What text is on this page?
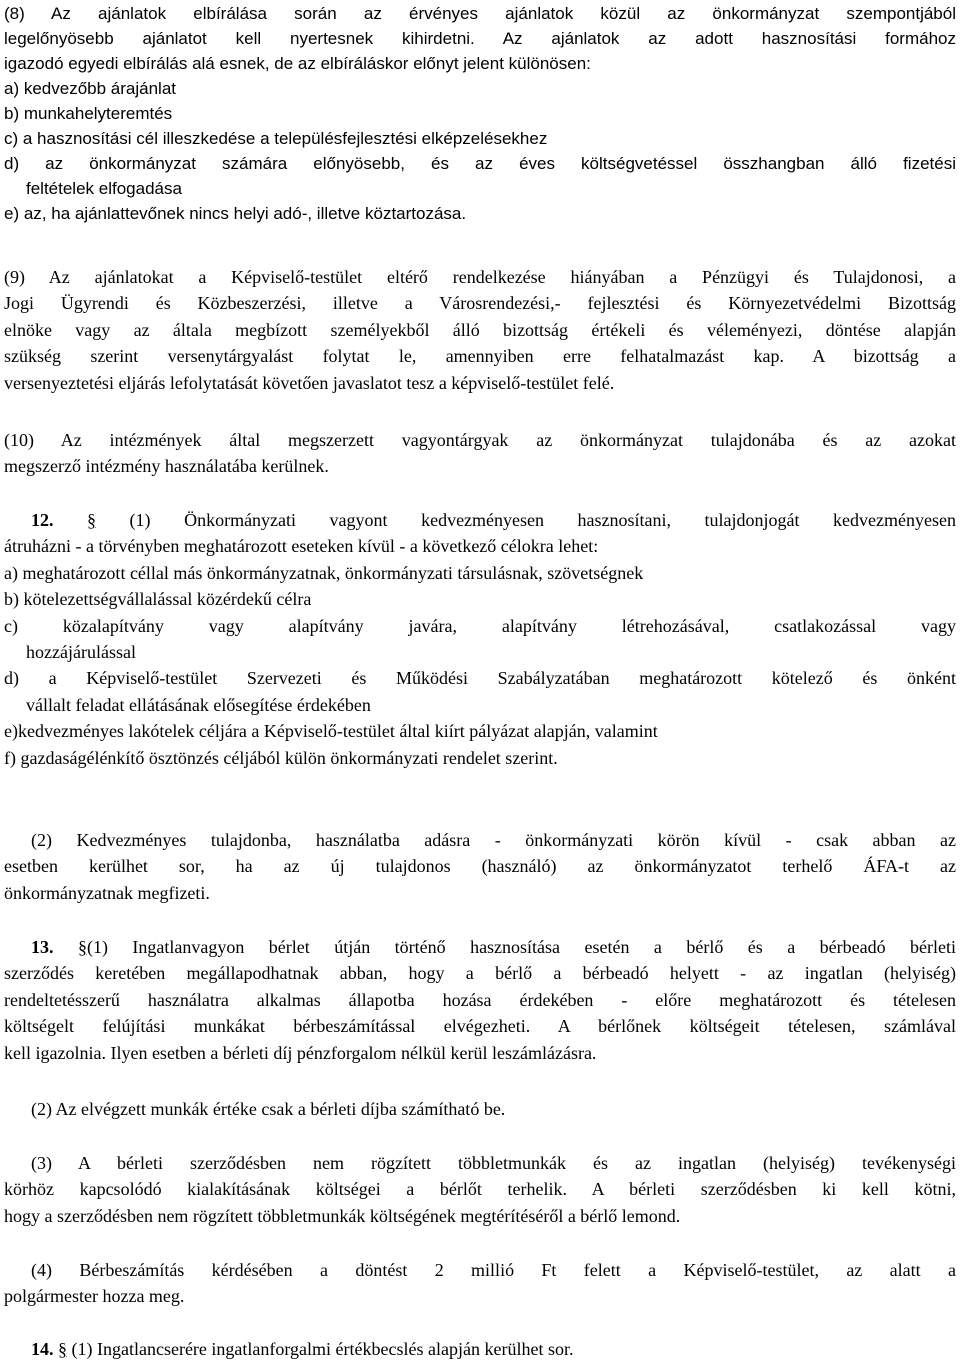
(8) Az ajánlatok elbírálása során az érvényes ajánlatok közül az önkormányzat szempontjából
legelőnyösebb ajánlatot kell nyertesnek kihirdetni. Az ajánlatok az adott hasznosítási formához
igazodó egyedi elbírálás alá esnek, de az elbíráláskor előnyt jelent különösen:
a) kedvezőbb árajánlat
b) munkahelyteremtés
c) a hasznosítási cél illeszkedése a településfejlesztési elképzelésekhez
d) az önkormányzat számára előnyösebb, és az éves költségvetéssel összhangban álló fizetési
feltételek elfogadása
e) az, ha ajánlattevőnek nincs helyi adó-, illetve köztartozása.
(9) Az ajánlatokat a Képviselő-testület eltérő rendelkezése hiányában a Pénzügyi és Tulajdonosi, a
Jogi Ügyrendi és Közbeszerzési, illetve a Városrendezési,- fejlesztési és Környezetvédelmi Bizottság
elnöke vagy az általa megbízott személyekből álló bizottság értékeli és véleményezi, döntése alapján
szükség szerint versenytárgyalást folytat le, amennyiben erre felhatalmazást kap. A bizottság a
versenyeztetési eljárás lefolytatását követően javaslatot tesz a képviselő-testület felé.
(10) Az intézmények által megszerzett vagyontárgyak az önkormányzat tulajdonába és az azokat
megszerző intézmény használatába kerülnek.
12. § (1) Önkormányzati vagyont kedvezményesen hasznosítani, tulajdonjogát kedvezményesen
átruházni - a törvényben meghatározott eseteken kívül - a következő célokra lehet:
a) meghatározott céllal más önkormányzatnak, önkormányzati társulásnak, szövetségnek
b) kötelezettségvállalással közérdekű célra
c) közalapítvány vagy alapítvány javára, alapítvány létrehozásával, csatlakozással vagy
hozzájárulással
d) a Képviselő-testület Szervezeti és Működési Szabályzatában meghatározott kötelező és önként
vállalt feladat ellátásának elősegítése érdekében
e)kedvezményes lakótelek céljára a Képviselő-testület által kiírt pályázat alapján, valamint
f) gazdaságélénkítő ösztönzés céljából külön önkormányzati rendelet szerint.
(2) Kedvezményes tulajdonba, használatba adásra - önkormányzati körön kívül - csak abban az
esetben kerülhet sor, ha az új tulajdonos (használó) az önkormányzatot terhelő ÁFA-t az
önkormányzatnak megfizeti.
13. §(1) Ingatlanvagyon bérlet útján történő hasznosítása esetén a bérlő és a bérbeadó bérleti
szerződés keretében megállapodhatnak abban, hogy a bérlő a bérbeadó helyett - az ingatlan (helyiség)
rendeltetésszerű használatra alkalmas állapotba hozása érdekében - előre meghatározott és tételesen
költségelt felújítási munkákat bérbeszámítással elvégezheti. A bérlőnek költségeit tételesen, számlával
kell igazolnia. Ilyen esetben a bérleti díj pénzforgalom nélkül kerül leszámlázásra.
(2) Az elvégzett munkák értéke csak a bérleti díjba számítható be.
(3) A bérleti szerződésben nem rögzített többletmunkák és az ingatlan (helyiség) tevékenységi
körhöz kapcsolódó kialakításának költségei a bérlőt terhelik. A bérleti szerződésben ki kell kötni,
hogy a szerződésben nem rögzített többletmunkák költségének megtérítéséről a bérlő lemond.
(4) Bérbeszámítás kérdésében a döntést 2 millió Ft felett a Képviselő-testület, az alatt a
polgármester hozza meg.
14. § (1) Ingatlancserére ingatlanforgalmi értékbecslés alapján kerülhet sor.
